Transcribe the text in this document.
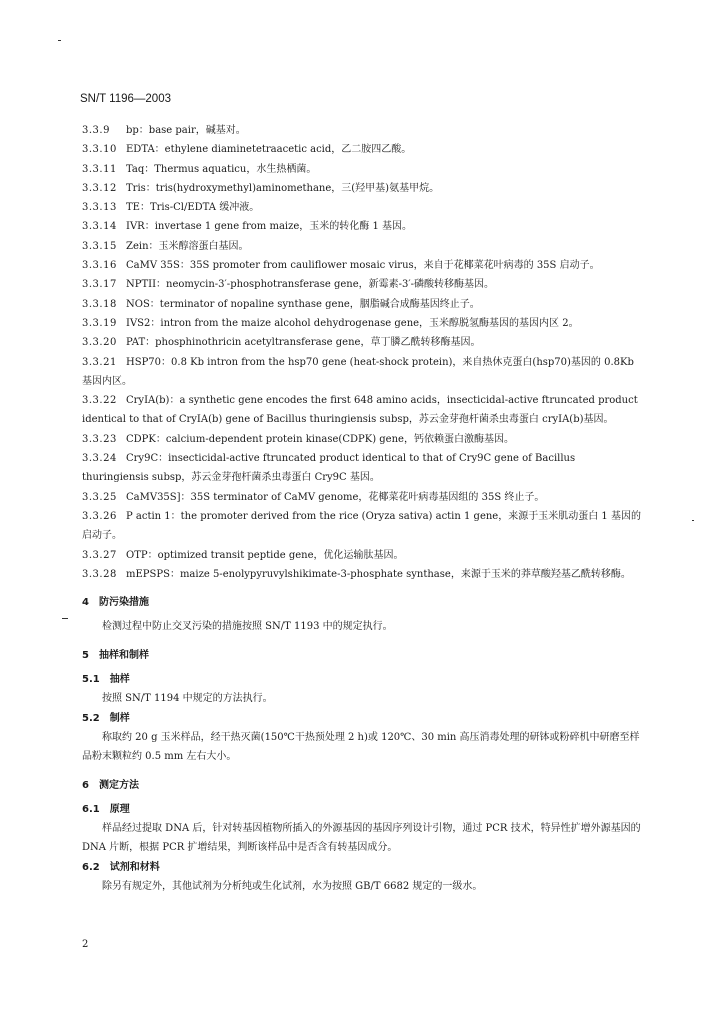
SN/T 1196—2003
3.3.9 bp：base pair，碱基对。
3.3.10 EDTA：ethylene diaminetetraacetic acid，乙二胺四乙酸。
3.3.11 Taq：Thermus aquaticu，水生热栖菌。
3.3.12 Tris：tris(hydroxymethyl)aminomethane，三(羟甲基)氨基甲烷。
3.3.13 TE：Tris-Cl/EDTA 缓冲液。
3.3.14 IVR：invertase 1 gene from maize，玉米的转化酶 1 基因。
3.3.15 Zein：玉米醇溶蛋白基因。
3.3.16 CaMV 35S：35S promoter from cauliflower mosaic virus，来自于花椰菜花叶病毒的 35S 启动子。
3.3.17 NPTII：neomycin-3′-phosphotransferase gene，新霉素-3′-磷酸转移酶基因。
3.3.18 NOS：terminator of nopaline synthase gene，胭脂碱合成酶基因终止子。
3.3.19 IVS2：intron from the maize alcohol dehydrogenase gene，玉米醇脱氢酶基因的基因内区 2。
3.3.20 PAT：phosphinothricin acetyltransferase gene，草丁膦乙酰转移酶基因。
3.3.21 HSP70：0.8 Kb intron from the hsp70 gene (heat-shock protein)，来自热休克蛋白(hsp70)基因的 0.8Kb 基因内区。
3.3.22 CryIA(b)：a synthetic gene encodes the first 648 amino acids，insecticidal-active ftruncated product identical to that of CryIA(b) gene of Bacillus thuringiensis subsp，苏云金芽孢杆菌杀虫毒蛋白 cryIA(b)基因。
3.3.23 CDPK：calcium-dependent protein kinase(CDPK) gene，钙依赖蛋白激酶基因。
3.3.24 Cry9C：insecticidal-active ftruncated product identical to that of Cry9C gene of Bacillus thuringiensis subsp，苏云金芽孢杆菌杀虫毒蛋白 Cry9C 基因。
3.3.25 CaMV35S]：35S terminator of CaMV genome，花椰菜花叶病毒基因组的 35S 终止子。
3.3.26 P actin 1：the promoter derived from the rice (Oryza sativa) actin 1 gene，来源于玉米肌动蛋白 1 基因的启动子。
3.3.27 OTP：optimized transit peptide gene，优化运输肽基因。
3.3.28 mEPSPS：maize 5-enolypyruvylshikimate-3-phosphate synthase，来源于玉米的莽草酸羟基乙酰转移酶。
4　防污染措施
检测过程中防止交叉污染的措施按照 SN/T 1193 中的规定执行。
5　抽样和制样
5.1　抽样
按照 SN/T 1194 中规定的方法执行。
5.2　制样
称取约 20 g 玉米样品，经干热灭菌(150℃干热预处理 2 h)或 120℃、30 min 高压消毒处理的研钵或粉碎机中研磨至样品粉末颗粒约 0.5 mm 左右大小。
6　测定方法
6.1　原理
样品经过提取 DNA 后，针对转基因植物所插入的外源基因的基因序列设计引物，通过 PCR 技术，特异性扩增外源基因的 DNA 片断，根据 PCR 扩增结果，判断该样品中是否含有转基因成分。
6.2　试剂和材料
除另有规定外，其他试剂为分析纯或生化试剂，水为按照 GB/T 6682 规定的一级水。
2
